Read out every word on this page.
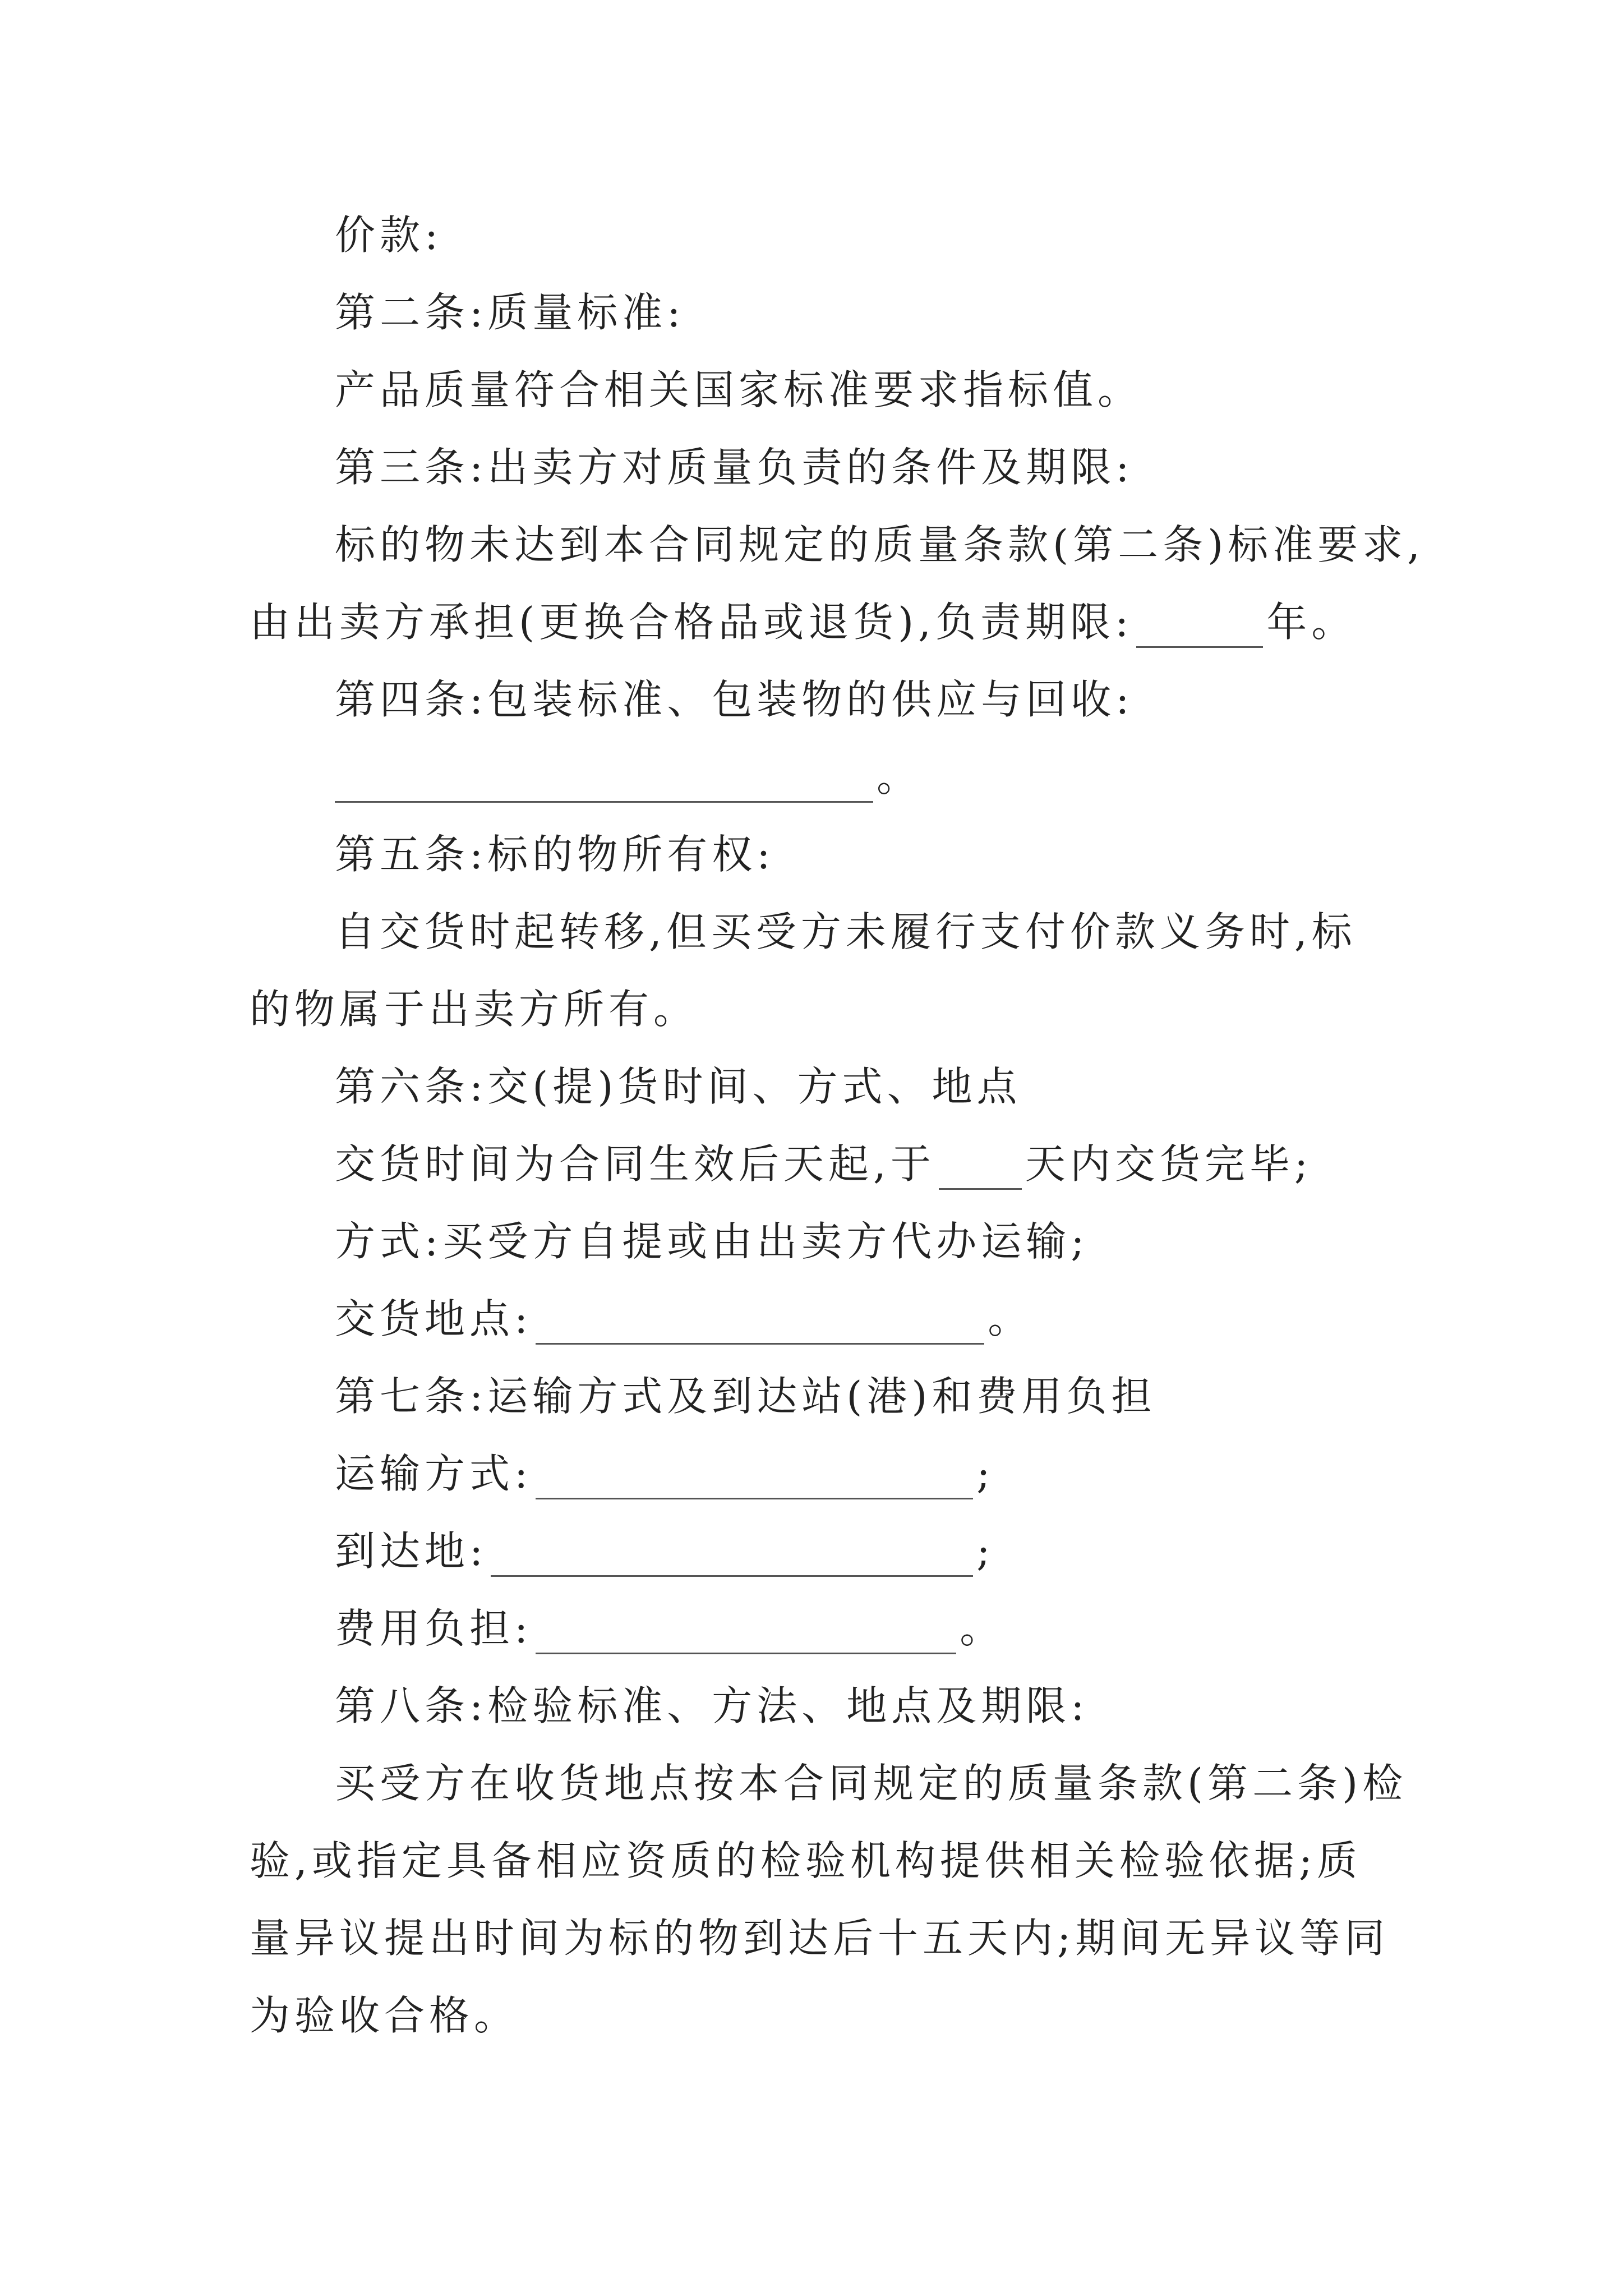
价款:
第二条:质量标准:
产品质量符合相关国家标准要求指标值。
第三条:出卖方对质量负责的条件及期限:
标的物未达到本合同规定的质量条款(第二条)标准要求,
由出卖方承担(更换合格品或退货),负责期限:	年。
第四条:包装标准、包装物的供应与回收:
。
第五条:标的物所有权:
自交货时起转移,但买受方未履行支付价款义务时,标
的物属于出卖方所有。
第六条:交(提)货时间、方式、地点
交货时间为合同生效后天起,于 天内交货完毕;
方式:买受方自提或由出卖方代办运输;
交货地点:	。
第七条:运输方式及到达站(港)和费用负担
运输方式:	;
到达地:	;
费用负担:	。
第八条:检验标准、方法、地点及期限:
买受方在收货地点按本合同规定的质量条款(第二条)检
验,或指定具备相应资质的检验机构提供相关检验依据;质
量异议提出时间为标的物到达后十五天内;期间无异议等同
为验收合格。
